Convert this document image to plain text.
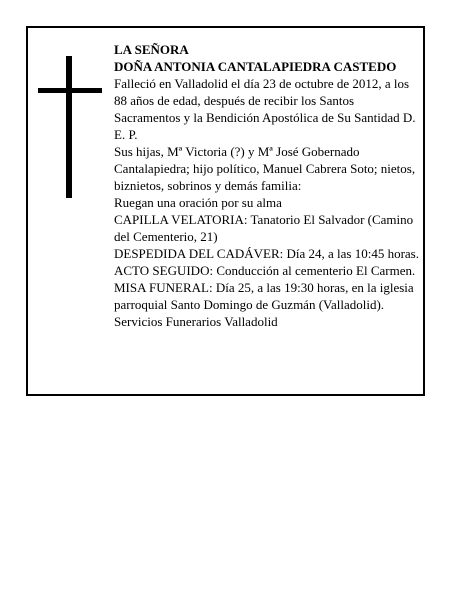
LA SEÑORA

DOÑA ANTONIA CANTALAPIEDRA CASTEDO

Falleció en Valladolid el día 23 de octubre de 2012, a los 88 años de edad, después de recibir los Santos Sacramentos y la Bendición Apostólica de Su Santidad D. E. P.

Sus hijas, Mª Victoria (?) y Mª José Gobernado Cantalapiedra; hijo político, Manuel Cabrera Soto; nietos, biznietos, sobrinos y demás familia:

Ruegan una oración por su alma

CAPILLA VELATORIA: Tanatorio El Salvador (Camino del Cementerio, 21)

DESPEDIDA DEL CADÁVER: Día 24, a las 10:45 horas. ACTO SEGUIDO: Conducción al cementerio El Carmen. MISA FUNERAL: Día 25, a las 19:30 horas, en la iglesia parroquial Santo Domingo de Guzmán (Valladolid).

Servicios Funerarios Valladolid
